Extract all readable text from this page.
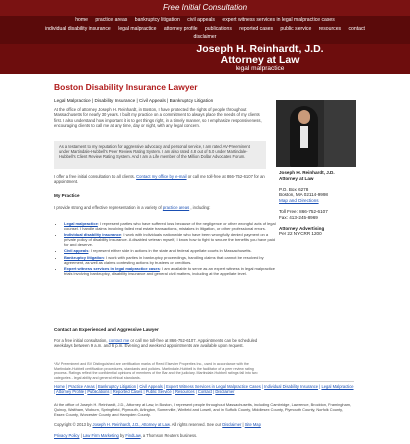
Free Initial Consultation
home practice areas bankruptcy litigation civil appeals expert witness services in legal malpractice cases
individual disability insurance legal malpractice attorney profile publications reported cases public service resources contact
disclaimer
Joseph H. Reinhardt, J.D.
Attorney at Law
legal malpractice
Boston Disability Insurance Lawyer
Legal Malpractice | Disability Insurance | Civil Appeals | Bankruptcy Litigation
At the office of attorney Joseph H. Reinhardt, in Boston, I have protected the rights of people throughout Massachusetts for nearly 30 years. I built my practice on a commitment to always place the needs of my clients first. I also understand how important it is to get things right, in a timely manner, so I emphasize responsiveness, encouraging clients to call me at any time, day or night, with any legal concern.
As a testament to my reputation for aggressive advocacy and personal service, I am rated AV-Preeminent under Martindale-Hubbell's Peer Review Rating System. I am also rated 4.8 out of 5.0 under Martindale-Hubbell's Client Review Rating System. And I am a Life member of the Million Dollar Advocates Forum.
I offer a free initial consultation to all clients. Contact my office by e-mail or call me toll-free at 866-752-6107 for an appointment.
My Practice
I provide strong and effective representation in a variety of practice areas , including:
• Legal malpractice: I represent parties who have suffered loss because of the negligence or other wrongful acts of legal counsel. I handle claims involving failed real estate transactions, mistakes in litigation, or other professional errors.
• Individual disability insurance: I work with individuals nationwide who have been wrongfully denied payment on a private policy of disability insurance. A disabled veteran myself, I know how to fight to secure the benefits you have paid for and deserve.
• Civil appeals: I represent either side in actions in the state and federal appellate courts in Massachusetts.
• Bankruptcy litigation: I work with parties in bankruptcy proceedings, handling claims that cannot be resolved by agreement, as well as claims contesting actions by trustees or creditors.
• Expert witness services in legal malpractice cases: I am available to serve as an expert witness in legal malpractice trials involving bankruptcy, disability insurance and general civil matters, including at the appellate level.
Contact an Experienced and Aggressive Lawyer
For a free initial consultation, contact me or call me toll-free at 866-752-6107. Appointments can be scheduled weekdays between 9 a.m. and 6 p.m. Evening and weekend appointments are available upon request.
*AV Preeminent and BV Distinguished are certification marks of Reed Elsevier Properties Inc., used in accordance with the Martindale-Hubbell certification procedures, standards and policies. Martindale-Hubbell is the facilitator of a peer review rating process. Ratings reflect the confidential opinions of members of the Bar and the judiciary. Martindale-Hubbell ratings fall into two categories - legal ability and general ethical standards.
Joseph H. Reinhardt, J.D.
Attorney at Law
P.O. Box 6278
Boston, MA 02114-9998
Map and Directions
Toll Free: 866-752-6107
Fax: 413-245-8969
Attorney Advertising
Per 22 NYCRR 1200
Home | Practice Areas | Bankruptcy Litigation | Civil Appeals | Expert Witness Services in Legal Malpractice Cases | Individual Disability Insurance | Legal Malpractice | Attorney Profile | Publications | Reported Cases | Public Service | Resources | Contact | Disclaimer
At the office of Joseph H. Reinhardt, J.D., Attorney at Law, in Boston, I represent people throughout Massachusetts, including Cambridge, Lawrence, Brockton, Framingham, Quincy, Waltham, Woburn, Springfield, Plymouth, Arlington, Somerville, Winfield and Lowell, and in Suffolk County, Middlesex County, Plymouth County, Norfolk County, Essex County, Worcester County and Hampden County.
Copyright © 2013 by Joseph H. Reinhardt, J.D., Attorney at Law. All rights reserved. See our Disclaimer | Site Map
Privacy Policy | Law Firm Marketing by FindLaw, a Thomson Reuters business.
